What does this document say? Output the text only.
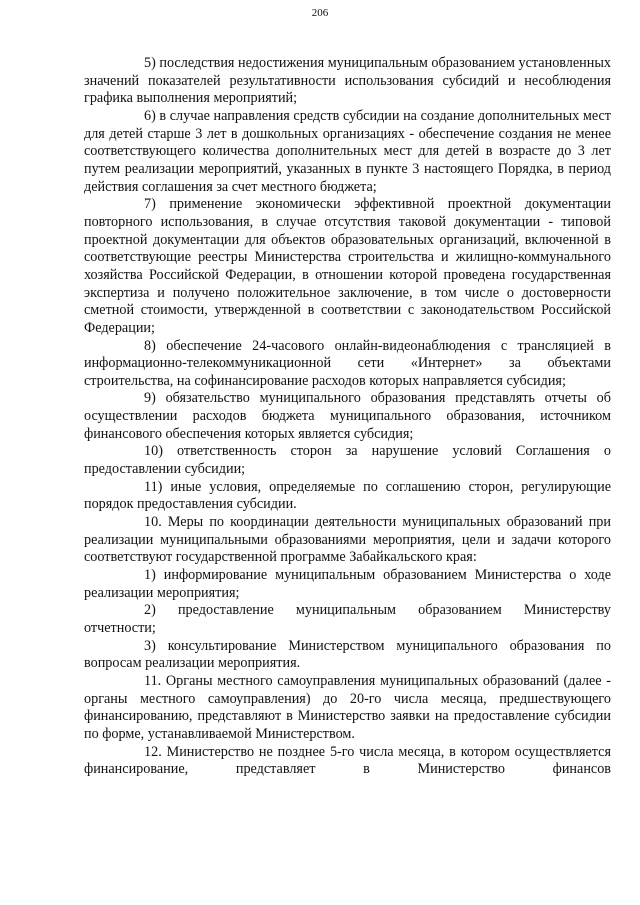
206

5) последствия недостижения муниципальным образованием установленных значений показателей результативности использования субсидий и несоблюдения графика выполнения мероприятий;

6) в случае направления средств субсидии на создание дополнительных мест для детей старше 3 лет в дошкольных организациях - обеспечение создания не менее соответствующего количества дополнительных мест для детей в возрасте до 3 лет путем реализации мероприятий, указанных в пункте 3 настоящего Порядка, в период действия соглашения за счет местного бюджета;

7) применение экономически эффективной проектной документации повторного использования, в случае отсутствия таковой документации - типовой проектной документации для объектов образовательных организаций, включенной в соответствующие реестры Министерства строительства и жилищно-коммунального хозяйства Российской Федерации, в отношении которой проведена государственная экспертиза и получено положительное заключение, в том числе о достоверности сметной стоимости, утвержденной в соответствии с законодательством Российской Федерации;

8) обеспечение 24-часового онлайн-видеонаблюдения с трансляцией в информационно-телекоммуникационной сети «Интернет» за объектами строительства, на софинансирование расходов которых направляется субсидия;

9) обязательство муниципального образования представлять отчеты об осуществлении расходов бюджета муниципального образования, источником финансового обеспечения которых является субсидия;

10) ответственность сторон за нарушение условий Соглашения о предоставлении субсидии;

11) иные условия, определяемые по соглашению сторон, регулирующие порядок предоставления субсидии.

10. Меры по координации деятельности муниципальных образований при реализации муниципальными образованиями мероприятия, цели и задачи которого соответствуют государственной программе Забайкальского края:

1) информирование муниципальным образованием Министерства о ходе реализации мероприятия;

2) предоставление муниципальным образованием Министерству отчетности;

3) консультирование Министерством муниципального образования по вопросам реализации мероприятия.

11. Органы местного самоуправления муниципальных образований (далее - органы местного самоуправления) до 20-го числа месяца, предшествующего финансированию, представляют в Министерство заявки на предоставление субсидии по форме, устанавливаемой Министерством.

12. Министерство не позднее 5-го числа месяца, в котором осуществляется финансирование, представляет в Министерство финансов
